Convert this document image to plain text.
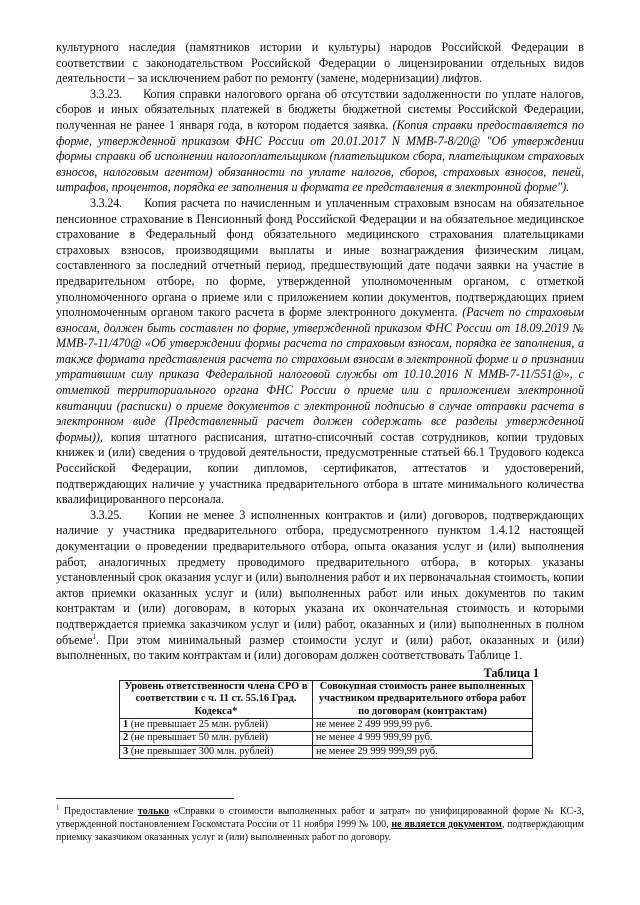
культурного наследия (памятников истории и культуры) народов Российской Федерации в соответствии с законодательством Российской Федерации о лицензировании отдельных видов деятельности – за исключением работ по ремонту (замене, модернизации) лифтов.

3.3.23. Копия справки налогового органа об отсутствии задолженности по уплате налогов, сборов и иных обязательных платежей в бюджеты бюджетной системы Российской Федерации, полученная не ранее 1 января года, в котором подается заявка. (Копия справки предоставляется по форме, утвержденной приказом ФНС России от 20.01.2017 N ММВ-7-8/20@ "Об утверждении формы справки об исполнении налогоплательщиком (плательщиком сбора, плательщиком страховых взносов, налоговым агентом) обязанности по уплате налогов, сборов, страховых взносов, пеней, штрафов, процентов, порядка ее заполнения и формата ее представления в электронной форме").

3.3.24. Копия расчета по начисленным и уплаченным страховым взносам на обязательное пенсионное страхование в Пенсионный фонд Российской Федерации и на обязательное медицинское страхование в Федеральный фонд обязательного медицинского страхования плательщиками страховых взносов, производящими выплаты и иные вознаграждения физическим лицам, составленного за последний отчетный период, предшествующий дате подачи заявки на участие в предварительном отборе, по форме, утвержденной уполномоченным органом, с отметкой уполномоченного органа о приеме или с приложением копии документов, подтверждающих прием уполномоченным органом такого расчета в форме электронного документа. (Расчет по страховым взносам, должен быть составлен по форме, утвержденной приказом ФНС России от 18.09.2019 № ММВ-7-11/470@ «Об утверждении формы расчета по страховым взносам, порядка ее заполнения, а также формата представления расчета по страховым взносам в электронной форме и о признании утратившим силу приказа Федеральной налоговой службы от 10.10.2016 N ММВ-7-11/551@», с отметкой территориального органа ФНС России о приеме или с приложением электронной квитанции (расписки) о приеме документов с электронной подписью в случае отправки расчета в электронном виде (Представленный расчет должен содержать все разделы утвержденной формы)), копия штатного расписания, штатно-списочный состав сотрудников, копии трудовых книжек и (или) сведения о трудовой деятельности, предусмотренные статьей 66.1 Трудового кодекса Российской Федерации, копии дипломов, сертификатов, аттестатов и удостоверений, подтверждающих наличие у участника предварительного отбора в штате минимального количества квалифицированного персонала.

3.3.25. Копии не менее 3 исполненных контрактов и (или) договоров, подтверждающих наличие у участника предварительного отбора, предусмотренного пунктом 1.4.12 настоящей документации о проведении предварительного отбора, опыта оказания услуг и (или) выполнения работ, аналогичных предмету проводимого предварительного отбора, в которых указаны установленный срок оказания услуг и (или) выполнения работ и их первоначальная стоимость, копии актов приемки оказанных услуг и (или) выполненных работ или иных документов по таким контрактам и (или) договорам, в которых указана их окончательная стоимость и которыми подтверждается приемка заказчиком услуг и (или) работ, оказанных и (или) выполненных в полном объеме$^1$. При этом минимальный размер стоимости услуг и (или) работ, оказанных и (или) выполненных, по таким контрактам и (или) договорам должен соответствовать Таблице 1.

Таблица 1
Уровень ответственности члена СРО в соответствии с ч. 11 ст. 55.16 Град. Кодекса*	Совокупная стоимость ранее выполненных участником предварительного отбора работ по договорам (контрактам)
1 (не превышает 25 млн. рублей)	не менее 2 499 999,99 руб.
2 (не превышает 50 млн. рублей)	не менее 4 999 999,99 руб.
3 (не превышает 300 млн. рублей)	не менее 29 999 999,99 руб.

$^1$ Предоставление только «Справки о стоимости выполненных работ и затрат» по унифицированной форме № КС-3, утвержденной постановлением Госкомстата России от 11 ноября 1999 № 100, не является документом, подтверждающим приемку заказчиком оказанных услуг и (или) выполненных работ по договору.
